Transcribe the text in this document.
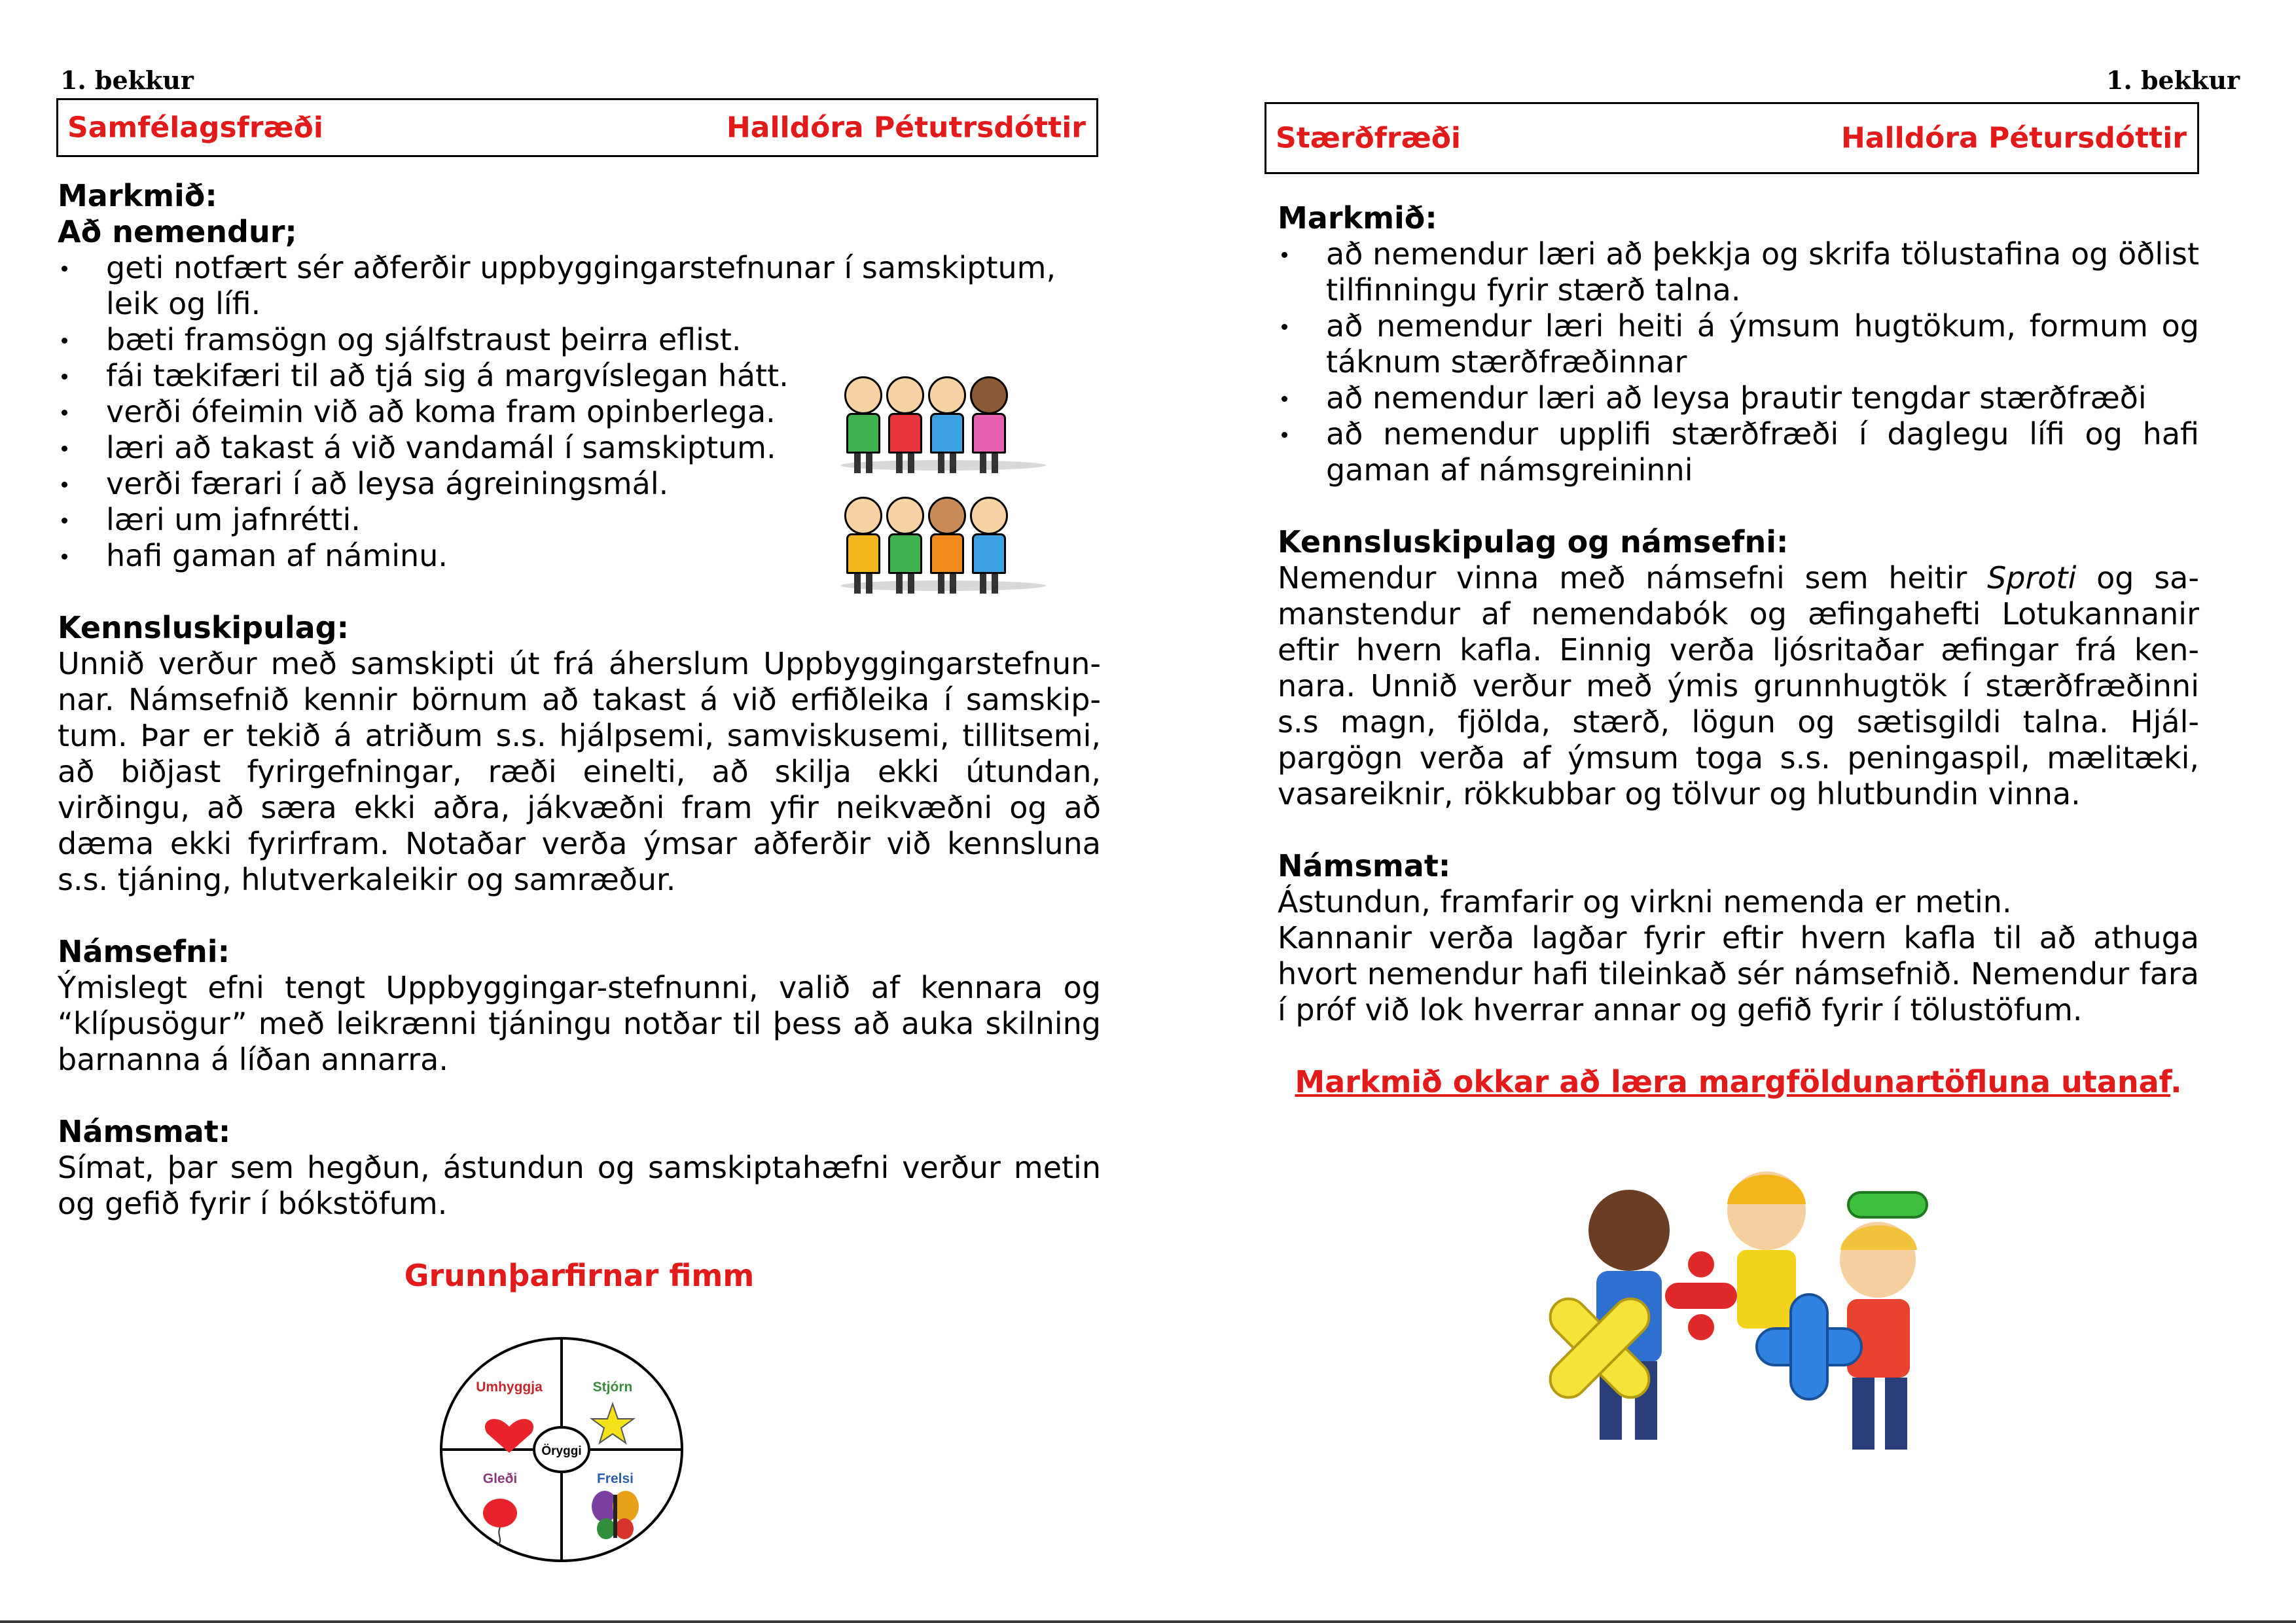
1. bekkur
Samfélagsfræði	Halldóra Pétutrsdóttir
Markmið:
Að nemendur;
geti notfært sér aðferðir uppbyggingarstefnunar í samskiptum, leik og lífi.
bæti framsögn og sjálfstraust þeirra eflist.
fái tækifæri til að tjá sig á margvíslegan hátt.
verði ófeimin við að koma fram opinberlega.
læri að takast á við vandamál í samskiptum.
verði færari í að leysa ágreiningsmál.
læri um jafnrétti.
hafi gaman af náminu.
Kennsluskipulag:
Unnið verður með samskipti út frá áherslum Uppbyggingarstefnunnar. Námsefnið kennir börnum að takast á við erfiðleika í samskiptum. Þar er tekið á atriðum s.s. hjálpsemi, samviskusemi, tillitsemi, að biðjast fyrirgefningar, ræði einelti, að skilja ekki útundan, virðingu, að særa ekki aðra, jákvæðni fram yfir neikvæðni og að dæma ekki fyrirfram. Notaðar verða ýmsar aðferðir við kennsluna s.s. tjáning, hlutverkaleikir og samræður.
Námsefni:
Ýmislegt efni tengt Uppbyggingar-stefnunni, valið af kennara og “klípusögur” með leikrænni tjáningu notðar til þess að auka skilning barnanna á líðan annarra.
Námsmat:
Símat, þar sem hegðun, ástundun og samskiptahæfni verður metin og gefið fyrir í bókstöfum.
Grunnþarfirnar fimm
Umhyggja	Stjórn
Öryggi
Gleði	Frelsi
1. bekkur
Stærðfræði	Halldóra Pétursdóttir
Markmið:
að nemendur læri að þekkja og skrifa tölustafina og öðlist tilfinningu fyrir stærð talna.
að nemendur læri heiti á ýmsum hugtökum, formum og táknum stærðfræðinnar
að nemendur læri að leysa þrautir tengdar stærðfræði
að nemendur upplifi stærðfræði í daglegu lífi og hafi gaman af námsgreininni
Kennsluskipulag og námsefni:
Nemendur vinna með námsefni sem heitir Sproti og samanstendur af nemendabók og æfingahefti Lotukannanir eftir hvern kafla. Einnig verða ljósritaðar æfingar frá kennara. Unnið verður með ýmis grunnhugtök í stærðfræðinni s.s magn, fjölda, stærð, lögun og sætisgildi talna. Hjálpargögn verða af ýmsum toga s.s. peningaspil, mælitæki, vasareiknir, rökkubbar og tölvur og hlutbundin vinna.
Námsmat:
Ástundun, framfarir og virkni nemenda er metin.
Kannanir verða lagðar fyrir eftir hvern kafla til að athuga hvort nemendur hafi tileinkað sér námsefnið. Nemendur fara í próf við lok hverrar annar og gefið fyrir í tölustöfum.
Markmið okkar að læra margföldunartöfluna utanaf.
